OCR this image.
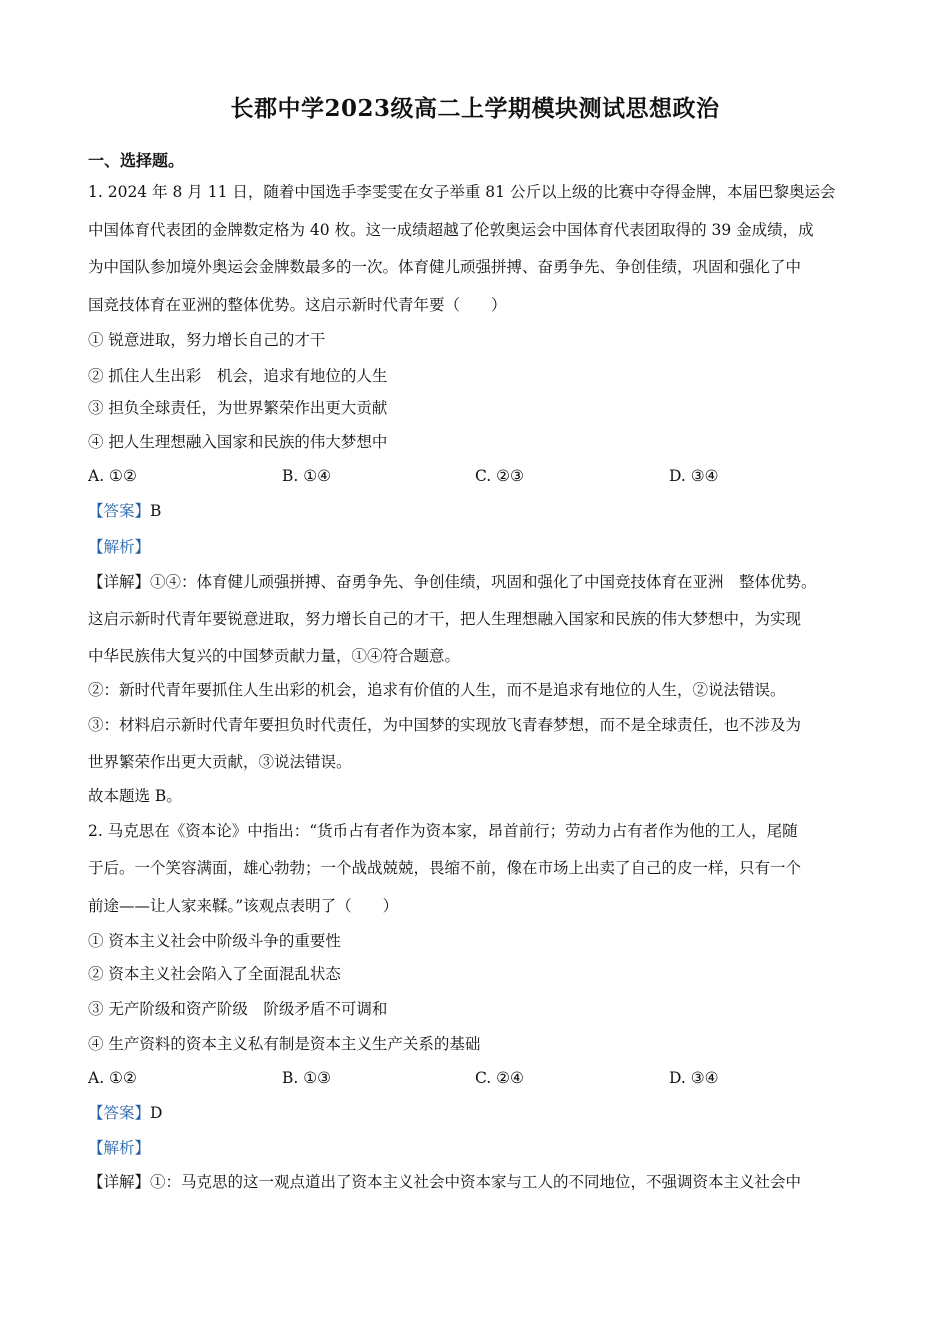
长郡中学2023级高二上学期模块测试思想政治
一、选择题。
1. 2024 年 8 月 11 日，随着中国选手李雯雯在女子举重 81 公斤以上级的比赛中夺得金牌，本届巴黎奥运会
中国体育代表团的金牌数定格为 40 枚。这一成绩超越了伦敦奥运会中国体育代表团取得的 39 金成绩，成
为中国队参加境外奥运会金牌数最多的一次。体育健儿顽强拼搏、奋勇争先、争创佳绩，巩固和强化了中
国竞技体育在亚洲的整体优势。这启示新时代青年要（　　）
① 锐意进取，努力增长自己的才干
② 抓住人生出彩　机会，追求有地位的人生
③ 担负全球责任，为世界繁荣作出更大贡献
④ 把人生理想融入国家和民族的伟大梦想中
A. ①②	B. ①④	C. ②③	D. ③④
【答案】B
【解析】
【详解】①④：体育健儿顽强拼搏、奋勇争先、争创佳绩，巩固和强化了中国竞技体育在亚洲　整体优势。
这启示新时代青年要锐意进取，努力增长自己的才干，把人生理想融入国家和民族的伟大梦想中，为实现
中华民族伟大复兴的中国梦贡献力量，①④符合题意。
②：新时代青年要抓住人生出彩的机会，追求有价值的人生，而不是追求有地位的人生，②说法错误。
③：材料启示新时代青年要担负时代责任，为中国梦的实现放飞青春梦想，而不是全球责任，也不涉及为
世界繁荣作出更大贡献，③说法错误。
故本题选 B。
2. 马克思在《资本论》中指出：“货币占有者作为资本家，昂首前行；劳动力占有者作为他的工人，尾随
于后。一个笑容满面，雄心勃勃；一个战战兢兢，畏缩不前，像在市场上出卖了自己的皮一样，只有一个
前途——让人家来鞣。”该观点表明了（　　）
① 资本主义社会中阶级斗争的重要性
② 资本主义社会陷入了全面混乱状态
③ 无产阶级和资产阶级　阶级矛盾不可调和
④ 生产资料的资本主义私有制是资本主义生产关系的基础
A. ①②	B. ①③	C. ②④	D. ③④
【答案】D
【解析】
【详解】①：马克思的这一观点道出了资本主义社会中资本家与工人的不同地位，不强调资本主义社会中
